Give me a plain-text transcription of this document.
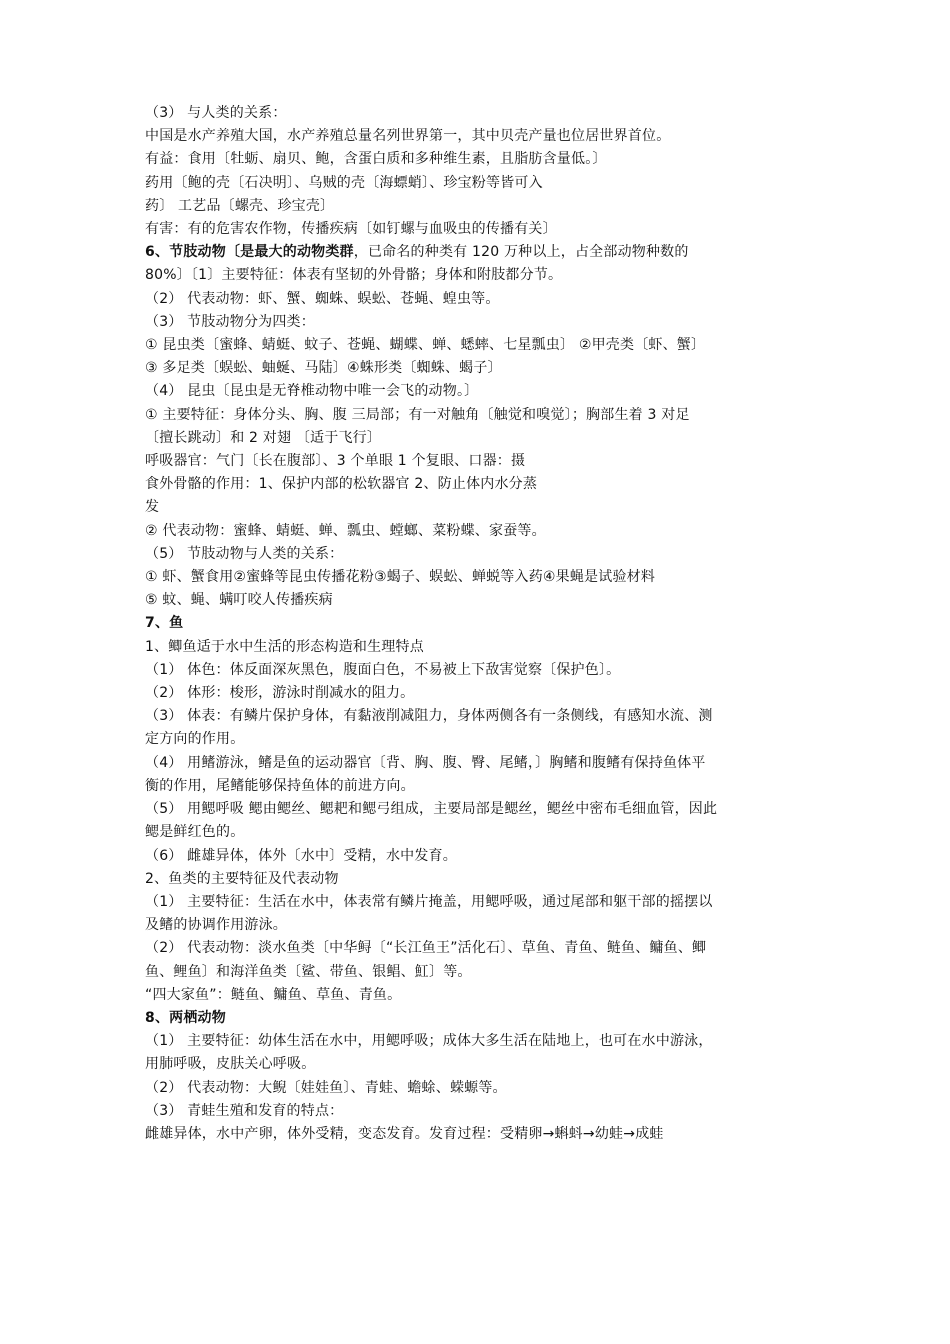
（3） 与人类的关系：
中国是水产养殖大国，水产养殖总量名列世界第一，其中贝壳产量也位居世界首位。
有益：食用〔牡蛎、扇贝、鲍，含蛋白质和多种维生素，且脂肪含量低。〕
药用〔鲍的壳〔石决明〕、乌贼的壳〔海螵蛸〕、珍宝粉等皆可入
药〕 工艺品〔螺壳、珍宝壳〕
有害：有的危害农作物，传播疾病〔如钉螺与血吸虫的传播有关〕
6、节肢动物〔是最大的动物类群，已命名的种类有 120 万种以上，占全部动物种数的
80%〕〔1〕主要特征：体表有坚韧的外骨骼；身体和附肢都分节。
（2） 代表动物：虾、蟹、蜘蛛、蜈蚣、苍蝇、蝗虫等。
（3） 节肢动物分为四类：
① 昆虫类〔蜜蜂、蜻蜓、蚊子、苍蝇、蝴蝶、蝉、蟋蟀、七星瓢虫〕 ②甲壳类〔虾、蟹〕
③ 多足类〔蜈蚣、蚰蜒、马陆〕④蛛形类〔蜘蛛、蝎子〕
（4） 昆虫〔昆虫是无脊椎动物中唯一会飞的动物。〕
① 主要特征：身体分头、胸、腹 三局部；有一对触角〔触觉和嗅觉〕；胸部生着 3 对足
〔擅长跳动〕和 2 对翅 〔适于飞行〕
呼吸器官：气门〔长在腹部〕、3 个单眼 1 个复眼、口器：摄
食外骨骼的作用：1、保护内部的松软器官 2、防止体内水分蒸
发
② 代表动物：蜜蜂、蜻蜓、蝉、瓢虫、螳螂、菜粉蝶、家蚕等。
（5） 节肢动物与人类的关系：
① 虾、蟹食用②蜜蜂等昆虫传播花粉③蝎子、蜈蚣、蝉蜕等入药④果蝇是试验材料
⑤ 蚊、蝇、螨叮咬人传播疾病
7、鱼
1、鲫鱼适于水中生活的形态构造和生理特点
（1） 体色：体反面深灰黑色，腹面白色，不易被上下敌害觉察〔保护色〕。
（2） 体形：梭形，游泳时削减水的阻力。
（3） 体表：有鳞片保护身体，有黏液削减阻力，身体两侧各有一条侧线，有感知水流、测
定方向的作用。
（4） 用鳍游泳，鳍是鱼的运动器官〔背、胸、腹、臀、尾鳍，〕胸鳍和腹鳍有保持鱼体平
衡的作用，尾鳍能够保持鱼体的前进方向。
（5） 用鳃呼吸 鳃由鳃丝、鳃耙和鳃弓组成，主要局部是鳃丝，鳃丝中密布毛细血管，因此
鳃是鲜红色的。
（6） 雌雄异体，体外〔水中〕受精，水中发育。
2、鱼类的主要特征及代表动物
（1） 主要特征：生活在水中，体表常有鳞片掩盖，用鳃呼吸，通过尾部和躯干部的摇摆以
及鳍的协调作用游泳。
（2） 代表动物：淡水鱼类〔中华鲟〔“长江鱼王”活化石〕、草鱼、青鱼、鲢鱼、鳙鱼、鲫
鱼、鲤鱼〕和海洋鱼类〔鲨、带鱼、银鲳、魟〕等。
“四大家鱼”：鲢鱼、鳙鱼、草鱼、青鱼。
8、两栖动物
（1） 主要特征：幼体生活在水中，用鳃呼吸；成体大多生活在陆地上，也可在水中游泳，
用肺呼吸，皮肤关心呼吸。
（2） 代表动物：大鲵〔娃娃鱼〕、青蛙、蟾蜍、蝾螈等。
（3） 青蛙生殖和发育的特点：
雌雄异体，水中产卵，体外受精，变态发育。发育过程：受精卵→蝌蚪→幼蛙→成蛙
